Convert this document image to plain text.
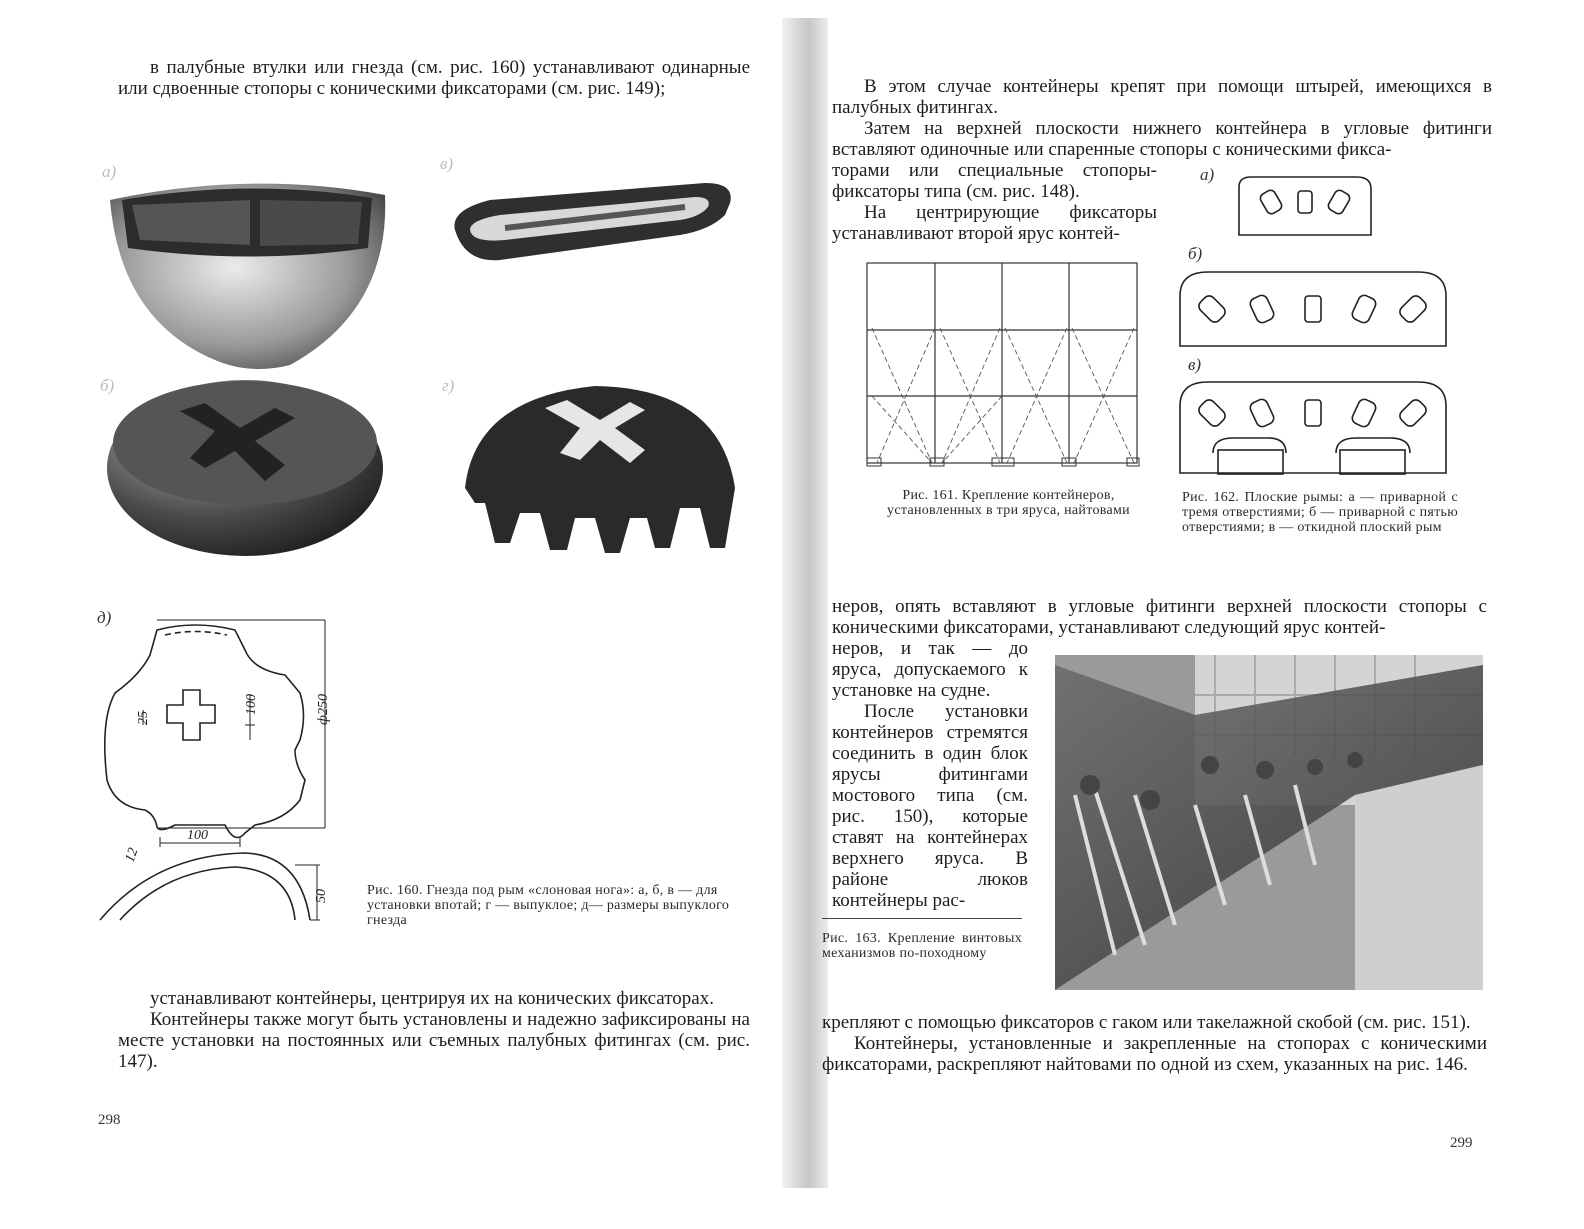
в палубные втулки или гнезда (см. рис. 160) устанавливают одинарные или сдвоенные стопоры с коническими фиксаторами (см. рис. 149);

а)	в)
б)	г)
д)
ф250
100
25
100
12
50	Рис. 160. Гнезда под рым «слоновая нога»: а, б, в — для установки впотай; г — выпуклое; д— размеры выпуклого гнезда

устанавливают контейнеры, центрируя их на конических фиксаторах.

Контейнеры также могут быть установлены и надежно зафиксированы на месте установки на постоянных или съемных палубных фитингах (см. рис. 147).

298

В этом случае контейнеры крепят при помощи штырей, имеющихся в палубных фитингах.

Затем на верхней плоскости нижнего контейнера в угловые фитинги вставляют одиночные или спаренные стопоры с коническими фикса-

торами или специальные стопоры-фиксаторы типа (см. рис. 148).

На центрирующие фиксаторы устанавливают второй ярус контей-

Рис. 161. Крепление контейнеров, установленных в три яруса, найтовами
а)
б)
в)
Рис. 162. Плоские рымы: а — приварной с тремя отверстиями; б — приварной с пятью отверстиями; в — откидной плоский рым

неров, опять вставляют в угловые фитинги верхней плоскости стопоры с коническими фиксаторами, устанавливают следующий ярус контей-

неров, и так — до яруса, допускаемого к установке на судне.

После установки контейнеров стремятся соединить в один блок ярусы фитингами мостового типа (см. рис. 150), которые ставят на контейнерах верхнего яруса. В районе люков контейнеры рас-

Рис. 163. Крепление винтовых механизмов по-походному

крепляют с помощью фиксаторов с гаком или такелажной скобой (см. рис. 151).

Контейнеры, установленные и закрепленные на стопорах с коническими фиксаторами, раскрепляют найтовами по одной из схем, указанных на рис. 146.

299
